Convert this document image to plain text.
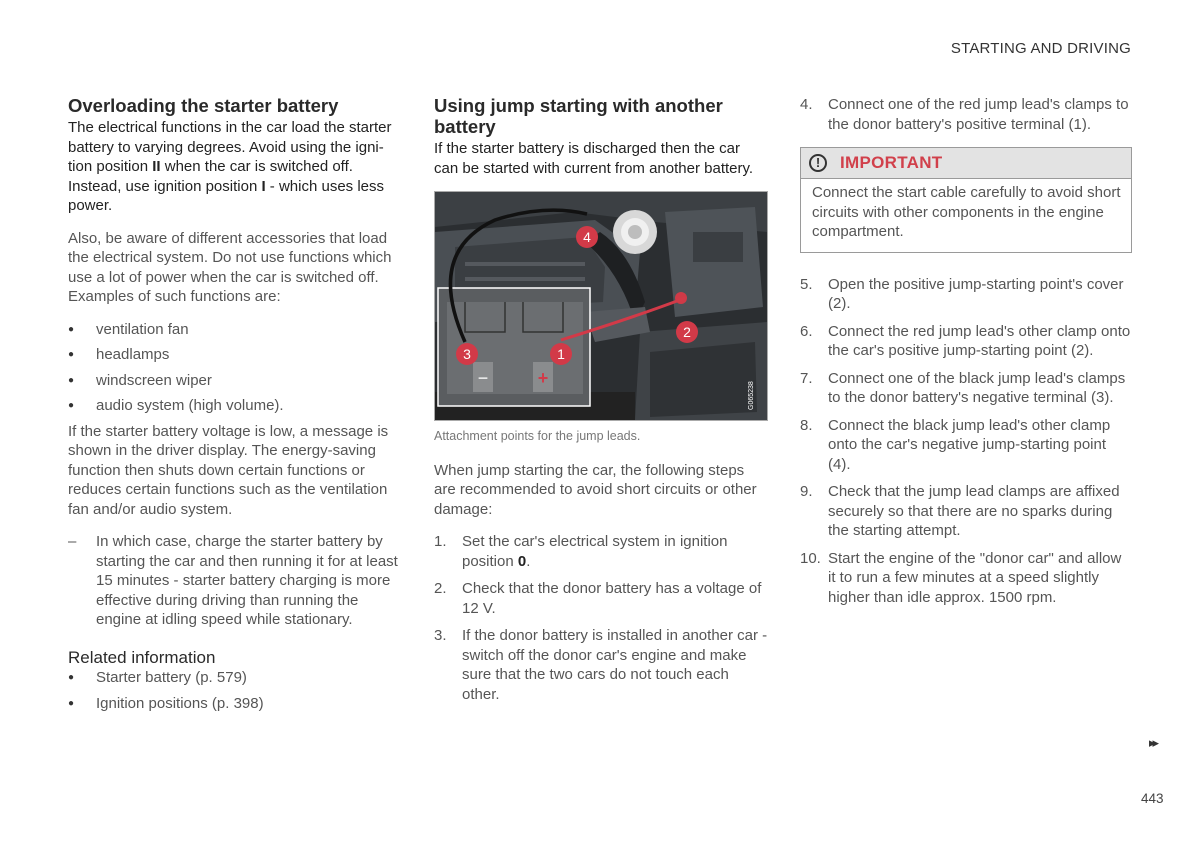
STARTING AND DRIVING
Overloading the starter battery

The electrical functions in the car load the starter battery to varying degrees. Avoid using the igni-tion position II when the car is switched off. Instead, use ignition position I - which uses less power.

Also, be aware of different accessories that load the electrical system. Do not use functions which use a lot of power when the car is switched off. Examples of such functions are:

● ventilation fan
● headlamps
● windscreen wiper
● audio system (high volume).

If the starter battery voltage is low, a message is shown in the driver display. The energy-saving function then shuts down certain functions or reduces certain functions such as the ventilation fan and/or audio system.

– In which case, charge the starter battery by starting the car and then running it for at least 15 minutes - starter battery charging is more effective during driving than running the engine at idling speed while stationary.
Related information
● Starter battery (p. 579)
● Ignition positions (p. 398)
Using jump starting with another battery

If the starter battery is discharged then the car can be started with current from another battery.

−	+
1
2
3
4
G065238

Attachment points for the jump leads.

When jump starting the car, the following steps are recommended to avoid short circuits or other damage:

1. Set the car's electrical system in ignition position 0.
2. Check that the donor battery has a voltage of 12 V.
3. If the donor battery is installed in another car - switch off the donor car's engine and make sure that the two cars do not touch each other.
4. Connect one of the red jump lead's clamps to the donor battery's positive terminal (1).
!	IMPORTANT
Connect the start cable carefully to avoid short circuits with other components in the engine compartment.
5. Open the positive jump-starting point's cover (2).
6. Connect the red jump lead's other clamp onto the car's positive jump-starting point (2).
7. Connect one of the black jump lead's clamps to the donor battery's negative terminal (3).
8. Connect the black jump lead's other clamp onto the car's negative jump-starting point (4).
9. Check that the jump lead clamps are affixed securely so that there are no sparks during the starting attempt.
10. Start the engine of the "donor car" and allow it to run a few minutes at a speed slightly higher than idle approx. 1500 rpm.
▸▸
443
